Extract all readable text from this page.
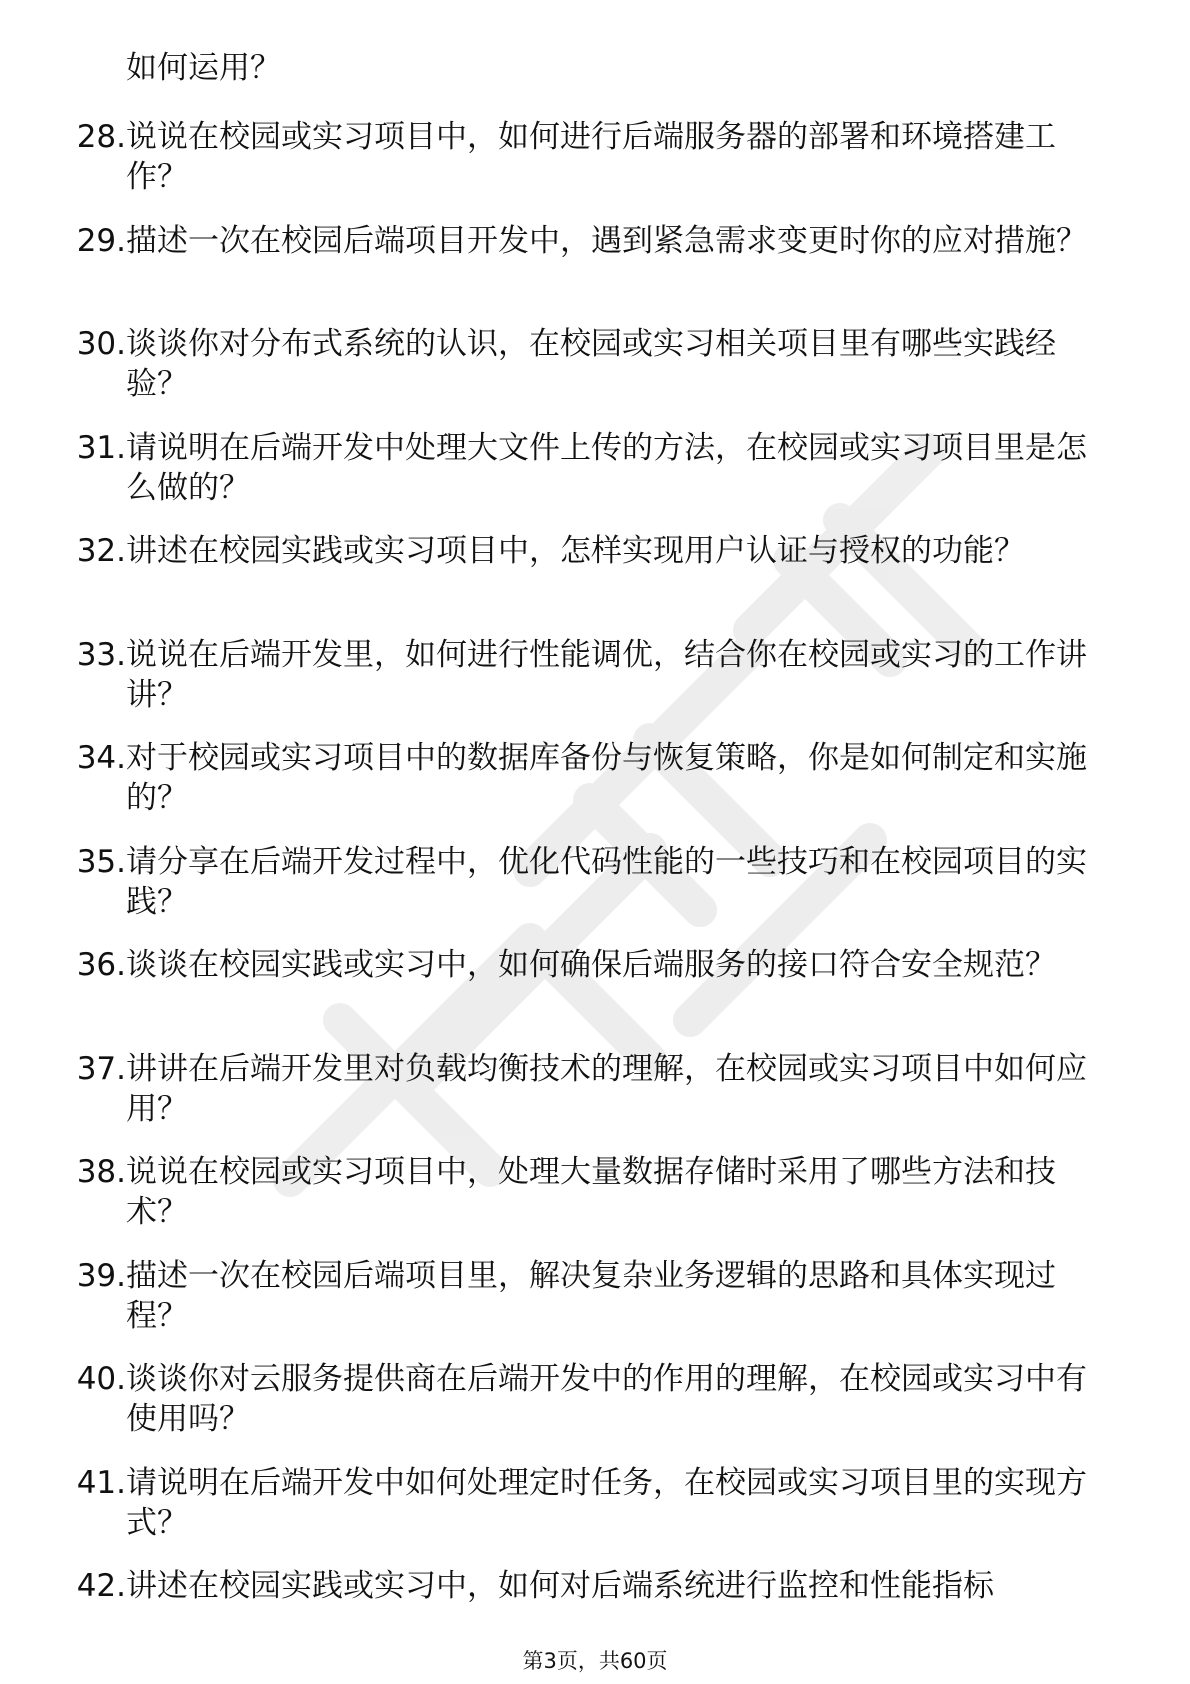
如何运用？
28. 说说在校园或实习项目中，如何进行后端服务器的部署和环境搭建工作？
29. 描述一次在校园后端项目开发中，遇到紧急需求变更时你的应对措施？
30. 谈谈你对分布式系统的认识，在校园或实习相关项目里有哪些实践经验？
31. 请说明在后端开发中处理大文件上传的方法，在校园或实习项目里是怎么做的？
32. 讲述在校园实践或实习项目中，怎样实现用户认证与授权的功能？
33. 说说在后端开发里，如何进行性能调优，结合你在校园或实习的工作讲讲？
34. 对于校园或实习项目中的数据库备份与恢复策略，你是如何制定和实施的？
35. 请分享在后端开发过程中，优化代码性能的一些技巧和在校园项目的实践？
36. 谈谈在校园实践或实习中，如何确保后端服务的接口符合安全规范？
37. 讲讲在后端开发里对负载均衡技术的理解，在校园或实习项目中如何应用？
38. 说说在校园或实习项目中，处理大量数据存储时采用了哪些方法和技术？
39. 描述一次在校园后端项目里，解决复杂业务逻辑的思路和具体实现过程？
40. 谈谈你对云服务提供商在后端开发中的作用的理解，在校园或实习中有使用吗？
41. 请说明在后端开发中如何处理定时任务，在校园或实习项目里的实现方式？
42. 讲述在校园实践或实习中，如何对后端系统进行监控和性能指标
第3页，共60页
